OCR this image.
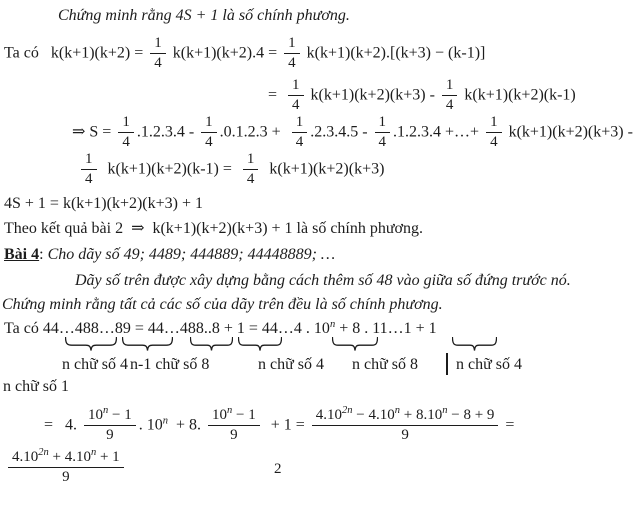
Chứng minh rằng 4S + 1 là số chính phương.
Ta có   $k(k+1)(k+2) = \frac{1}{4} k(k+1)(k+2).4 = \frac{1}{4} k(k+1)(k+2).[(k+3) - (k-1)]$
= $\frac{1}{4} k(k+1)(k+2)(k+3) - \frac{1}{4} k(k+1)(k+2)(k-1)$
⇒ $S = \frac{1}{4} .1.2.3.4 - \frac{1}{4} .0.1.2.3 + \frac{1}{4} .2.3.4.5 - \frac{1}{4} .1.2.3.4$ +…+ $\frac{1}{4} k(k+1)(k+2)(k+3)$ -
$\frac{1}{4} k(k+1)(k+2)(k-1) = \frac{1}{4} k(k+1)(k+2)(k+3)$
4S + 1 = k(k+1)(k+2)(k+3) + 1
Theo kết quả bài 2  ⇒  k(k+1)(k+2)(k+3) + 1 là số chính phương.
Bài 4: Cho dãy số 49; 4489; 444889; 44448889; …
Dãy số trên được xây dựng bằng cách thêm số 48 vào giữa số đứng trước nó.
Chứng minh rằng tất cả các số của dãy trên đều là số chính phương.
Ta có 44…488…89 = 44…488..8 + 1 = 44…4 . $10^n + 8$ . 11…1 + 1
n chữ số 4 n-1 chữ số 8	n chữ số 4 n chữ số 8 n chữ số 4
n chữ số 1
=   4. $\frac{10^n - 1}{9}$ . 10$^n$  + 8. $\frac{10^n - 1}{9} + 1 = \frac{4.10^{2n} - 4.10^n + 8.10^n - 8 + 9}{9}$ =
2
$\frac{4.10^{2n} + 4.10^n + 1}{9}$
